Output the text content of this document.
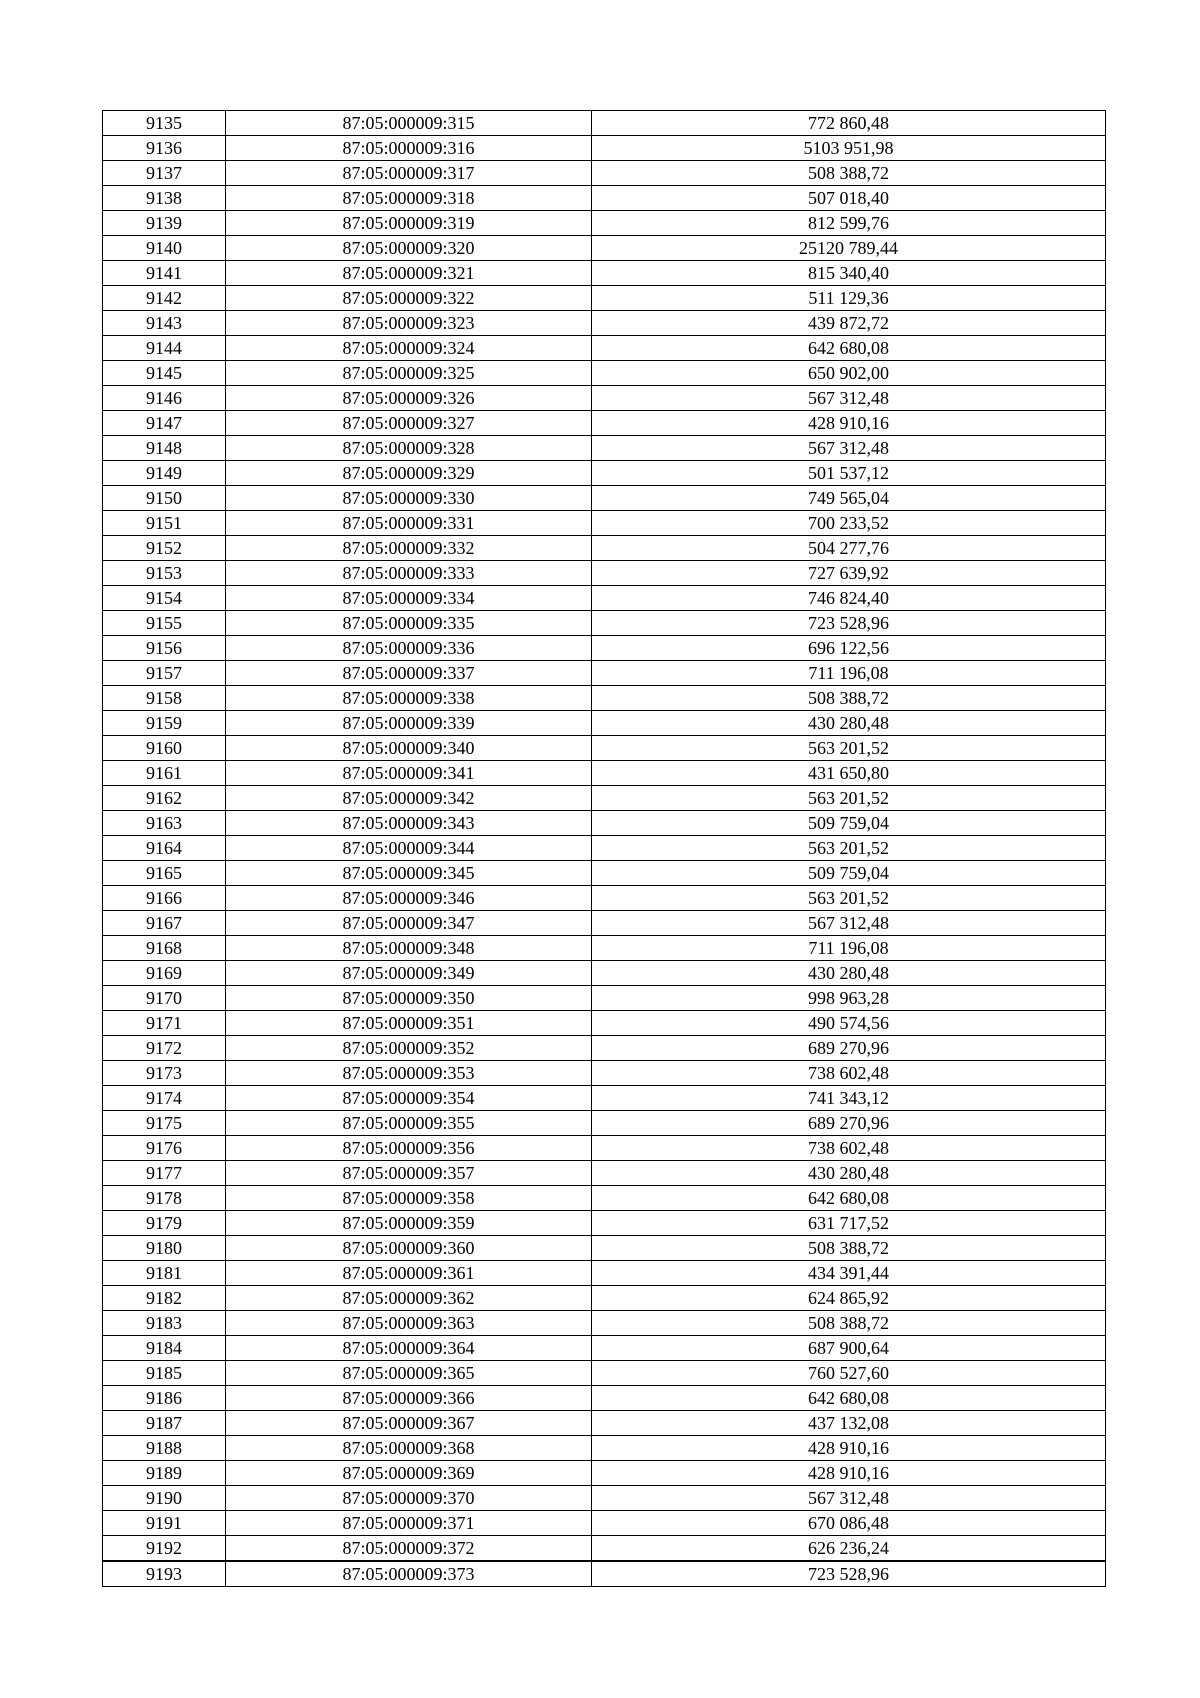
9135	87:05:000009:315	772 860,48
9136	87:05:000009:316	5103 951,98
9137	87:05:000009:317	508 388,72
9138	87:05:000009:318	507 018,40
9139	87:05:000009:319	812 599,76
9140	87:05:000009:320	25120 789,44
9141	87:05:000009:321	815 340,40
9142	87:05:000009:322	511 129,36
9143	87:05:000009:323	439 872,72
9144	87:05:000009:324	642 680,08
9145	87:05:000009:325	650 902,00
9146	87:05:000009:326	567 312,48
9147	87:05:000009:327	428 910,16
9148	87:05:000009:328	567 312,48
9149	87:05:000009:329	501 537,12
9150	87:05:000009:330	749 565,04
9151	87:05:000009:331	700 233,52
9152	87:05:000009:332	504 277,76
9153	87:05:000009:333	727 639,92
9154	87:05:000009:334	746 824,40
9155	87:05:000009:335	723 528,96
9156	87:05:000009:336	696 122,56
9157	87:05:000009:337	711 196,08
9158	87:05:000009:338	508 388,72
9159	87:05:000009:339	430 280,48
9160	87:05:000009:340	563 201,52
9161	87:05:000009:341	431 650,80
9162	87:05:000009:342	563 201,52
9163	87:05:000009:343	509 759,04
9164	87:05:000009:344	563 201,52
9165	87:05:000009:345	509 759,04
9166	87:05:000009:346	563 201,52
9167	87:05:000009:347	567 312,48
9168	87:05:000009:348	711 196,08
9169	87:05:000009:349	430 280,48
9170	87:05:000009:350	998 963,28
9171	87:05:000009:351	490 574,56
9172	87:05:000009:352	689 270,96
9173	87:05:000009:353	738 602,48
9174	87:05:000009:354	741 343,12
9175	87:05:000009:355	689 270,96
9176	87:05:000009:356	738 602,48
9177	87:05:000009:357	430 280,48
9178	87:05:000009:358	642 680,08
9179	87:05:000009:359	631 717,52
9180	87:05:000009:360	508 388,72
9181	87:05:000009:361	434 391,44
9182	87:05:000009:362	624 865,92
9183	87:05:000009:363	508 388,72
9184	87:05:000009:364	687 900,64
9185	87:05:000009:365	760 527,60
9186	87:05:000009:366	642 680,08
9187	87:05:000009:367	437 132,08
9188	87:05:000009:368	428 910,16
9189	87:05:000009:369	428 910,16
9190	87:05:000009:370	567 312,48
9191	87:05:000009:371	670 086,48
9192	87:05:000009:372	626 236,24
9193	87:05:000009:373	723 528,96
